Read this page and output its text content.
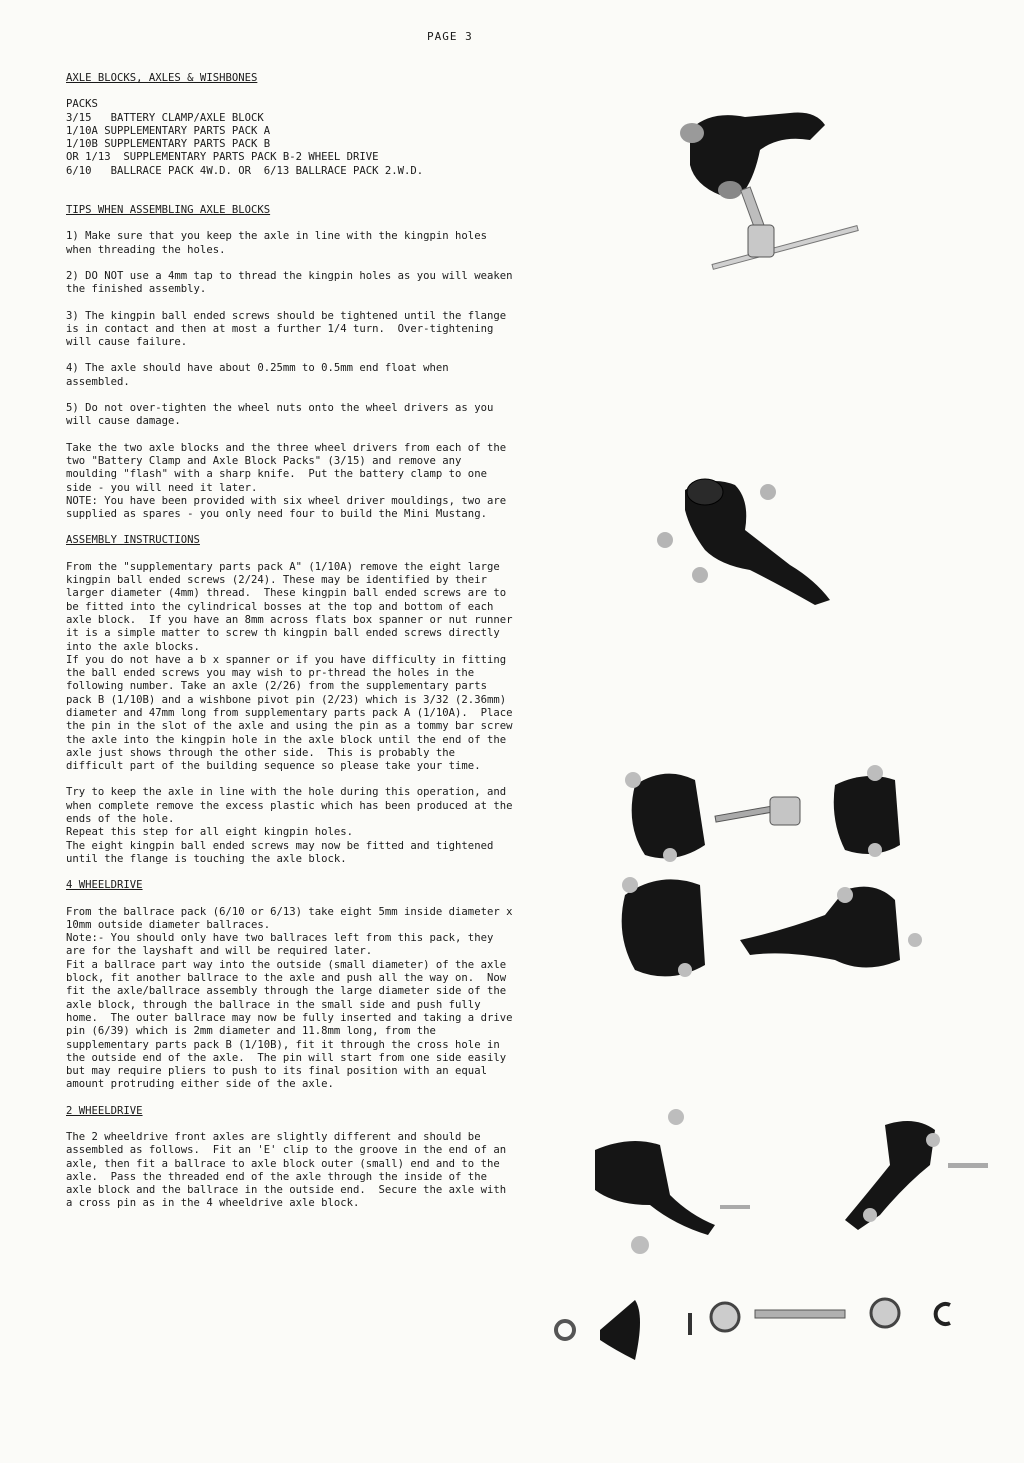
PAGE 3
AXLE BLOCKS, AXLES & WISHBONES
PACKS
3/15   BATTERY CLAMP/AXLE BLOCK
1/10A SUPPLEMENTARY PARTS PACK A
1/10B SUPPLEMENTARY PARTS PACK B
OR 1/13  SUPPLEMENTARY PARTS PACK B-2 WHEEL DRIVE
6/10   BALLRACE PACK 4W.D. OR  6/13 BALLRACE PACK 2.W.D.
TIPS WHEN ASSEMBLING AXLE BLOCKS

1) Make sure that you keep the axle in line with the kingpin holes when threading the holes.

2) DO NOT use a 4mm tap to thread the kingpin holes as you will weaken the finished assembly.

3) The kingpin ball ended screws should be tightened until the flange is in contact and then at most a further 1/4 turn.  Over-tightening will cause failure.

4) The axle should have about 0.25mm to 0.5mm end float when assembled.

5) Do not over-tighten the wheel nuts onto the wheel drivers as you will cause damage.

Take the two axle blocks and the three wheel drivers from each of the two "Battery Clamp and Axle Block Packs" (3/15) and remove any moulding "flash" with a sharp knife.  Put the battery clamp to one side - you will need it later.
NOTE: You have been provided with six wheel driver mouldings, two are supplied as spares - you only need four to build the Mini Mustang.

ASSEMBLY INSTRUCTIONS

From the "supplementary parts pack A" (1/10A) remove the eight large kingpin ball ended screws (2/24). These may be identified by their larger diameter (4mm) thread.  These kingpin ball ended screws are to be fitted into the cylindrical bosses at the top and bottom of each axle block.  If you have an 8mm across flats box spanner or nut runner it is a simple matter to screw th kingpin ball ended screws directly into the axle blocks.
If you do not have a b x spanner or if you have difficulty in fitting the ball ended screws you may wish to pr-thread the holes in the following number. Take an axle (2/26) from the supplementary parts pack B (1/10B) and a wishbone pivot pin (2/23) which is 3/32 (2.36mm) diameter and 47mm long from supplementary parts pack A (1/10A).  Place the pin in the slot of the axle and using the pin as a tommy bar screw the axle into the kingpin hole in the axle block until the end of the axle just shows through the other side.  This is probably the difficult part of the building sequence so please take your time.

Try to keep the axle in line with the hole during this operation, and when complete remove the excess plastic which has been produced at the ends of the hole.
Repeat this step for all eight kingpin holes.
The eight kingpin ball ended screws may now be fitted and tightened until the flange is touching the axle block.

4 WHEELDRIVE

From the ballrace pack (6/10 or 6/13) take eight 5mm inside diameter x 10mm outside diameter ballraces.
Note:- You should only have two ballraces left from this pack, they are for the layshaft and will be required later.
Fit a ballrace part way into the outside (small diameter) of the axle block, fit another ballrace to the axle and push all the way on.  Now fit the axle/ballrace assembly through the large diameter side of the axle block, through the ballrace in the small side and push fully home.  The outer ballrace may now be fully inserted and taking a drive pin (6/39) which is 2mm diameter and 11.8mm long, from the supplementary parts pack B (1/10B), fit it through the cross hole in the outside end of the axle.  The pin will start from one side easily but may require pliers to push to its final position with an equal amount protruding either side of the axle.

2 WHEELDRIVE

The 2 wheeldrive front axles are slightly different and should be assembled as follows.  Fit an 'E' clip to the groove in the end of an axle, then fit a ballrace to axle block outer (small) end and to the axle.  Pass the threaded end of the axle through the inside of the axle block and the ballrace in the outside end.  Secure the axle with a cross pin as in the 4 wheeldrive axle block.
